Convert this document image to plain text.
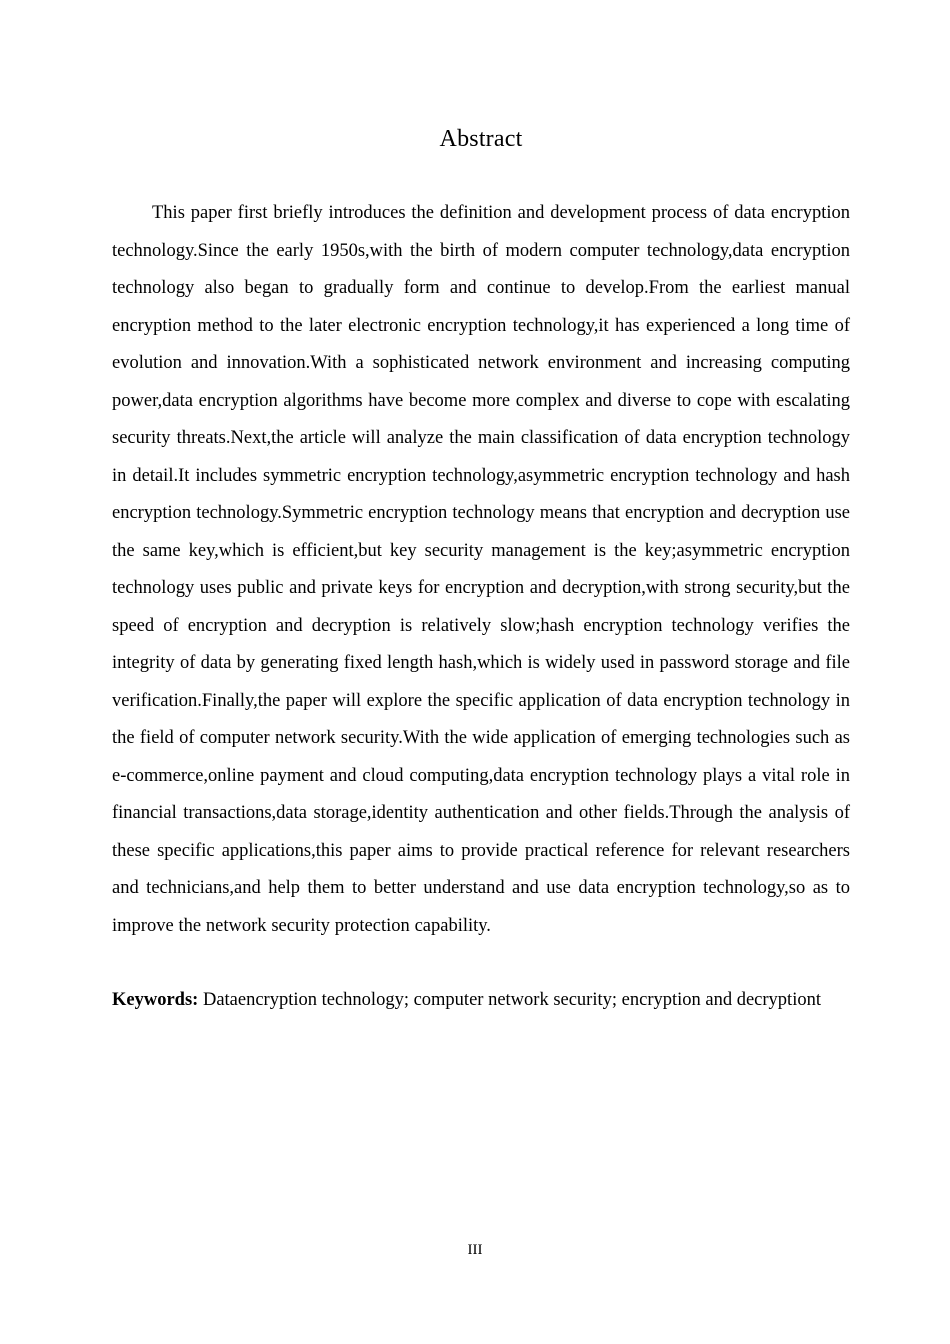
Abstract

This paper first briefly introduces the definition and development process of data encryption technology.Since the early 1950s,with the birth of modern computer technology,data encryption technology also began to gradually form and continue to develop.From the earliest manual encryption method to the later electronic encryption technology,it has experienced a long time of evolution and innovation.With a sophisticated network environment and increasing computing power,data encryption algorithms have become more complex and diverse to cope with escalating security threats.Next,the article will analyze the main classification of data encryption technology in detail.It includes symmetric encryption technology,asymmetric encryption technology and hash encryption technology.Symmetric encryption technology means that encryption and decryption use the same key,which is efficient,but key security management is the key;asymmetric encryption technology uses public and private keys for encryption and decryption,with strong security,but the speed of encryption and decryption is relatively slow;hash encryption technology verifies the integrity of data by generating fixed length hash,which is widely used in password storage and file verification.Finally,the paper will explore the specific application of data encryption technology in the field of computer network security.With the wide application of emerging technologies such as e-commerce,online payment and cloud computing,data encryption technology plays a vital role in financial transactions,data storage,identity authentication and other fields.Through the analysis of these specific applications,this paper aims to provide practical reference for relevant researchers and technicians,and help them to better understand and use data encryption technology,so as to improve the network security protection capability.

Keywords: Dataencryption technology; computer network security; encryption and decryptiont

III
